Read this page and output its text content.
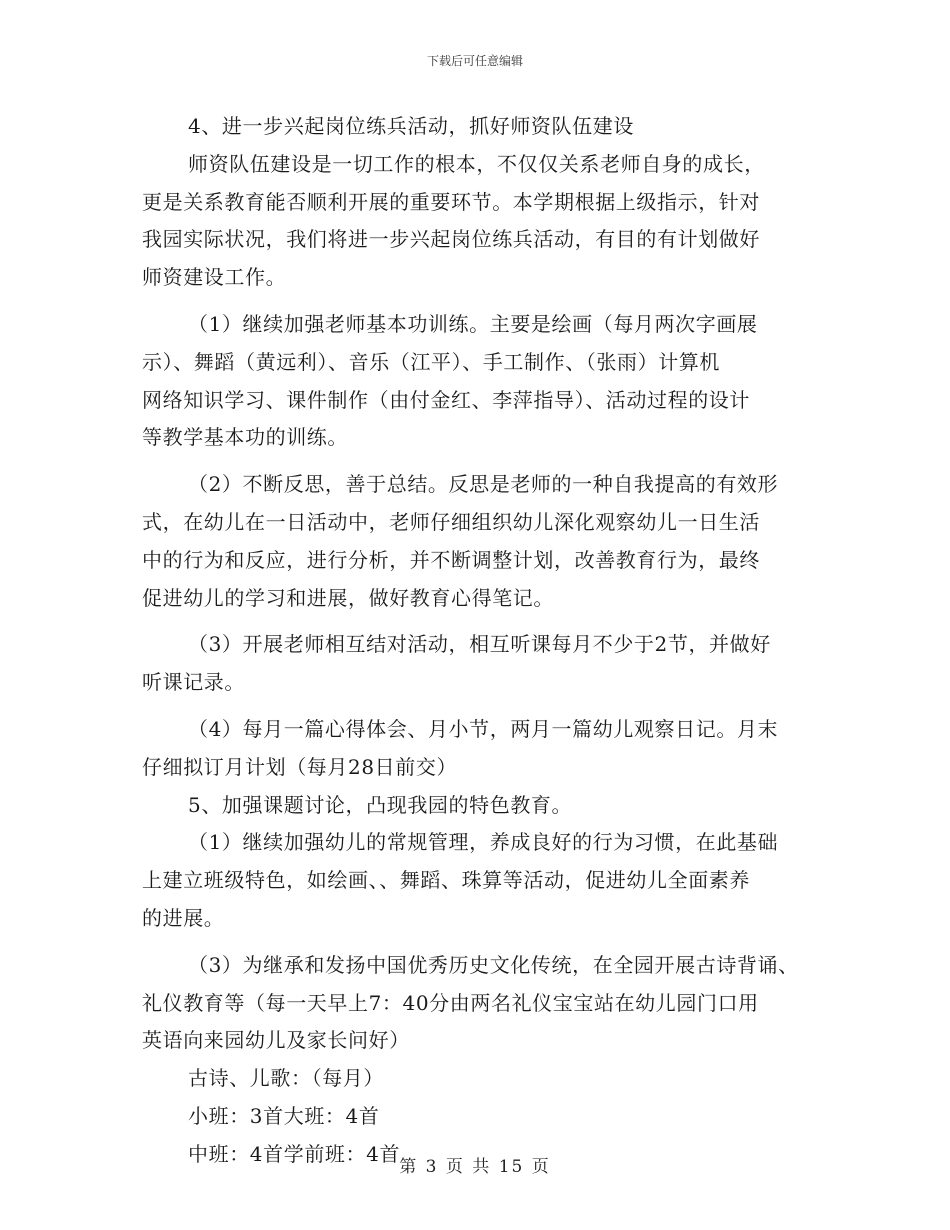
下载后可任意编辑
4、进一步兴起岗位练兵活动，抓好师资队伍建设
师资队伍建设是一切工作的根本，不仅仅关系老师自身的成长，
更是关系教育能否顺利开展的重要环节。本学期根据上级指示，针对
我园实际状况，我们将进一步兴起岗位练兵活动，有目的有计划做好
师资建设工作。
（1）继续加强老师基本功训练。主要是绘画（每月两次字画展
示）、舞蹈（黄远利）、音乐（江平）、手工制作、（张雨）计算机
网络知识学习、课件制作（由付金红、李萍指导）、活动过程的设计
等教学基本功的训练。
（2）不断反思，善于总结。反思是老师的一种自我提高的有效形
式，在幼儿在一日活动中，老师仔细组织幼儿深化观察幼儿一日生活
中的行为和反应，进行分析，并不断调整计划，改善教育行为，最终
促进幼儿的学习和进展，做好教育心得笔记。
（3）开展老师相互结对活动，相互听课每月不少于2节，并做好
听课记录。
（4）每月一篇心得体会、月小节，两月一篇幼儿观察日记。月末
仔细拟订月计划（每月28日前交）
5、加强课题讨论，凸现我园的特色教育。
（1）继续加强幼儿的常规管理，养成良好的行为习惯，在此基础
上建立班级特色，如绘画、、舞蹈、珠算等活动，促进幼儿全面素养
的进展。
（3）为继承和发扬中国优秀历史文化传统，在全园开展古诗背诵、
礼仪教育等（每一天早上7：40分由两名礼仪宝宝站在幼儿园门口用
英语向来园幼儿及家长问好）
古诗、儿歌：（每月）
小班：3首大班：4首
中班：4首学前班：4首
第 3 页 共 15 页
